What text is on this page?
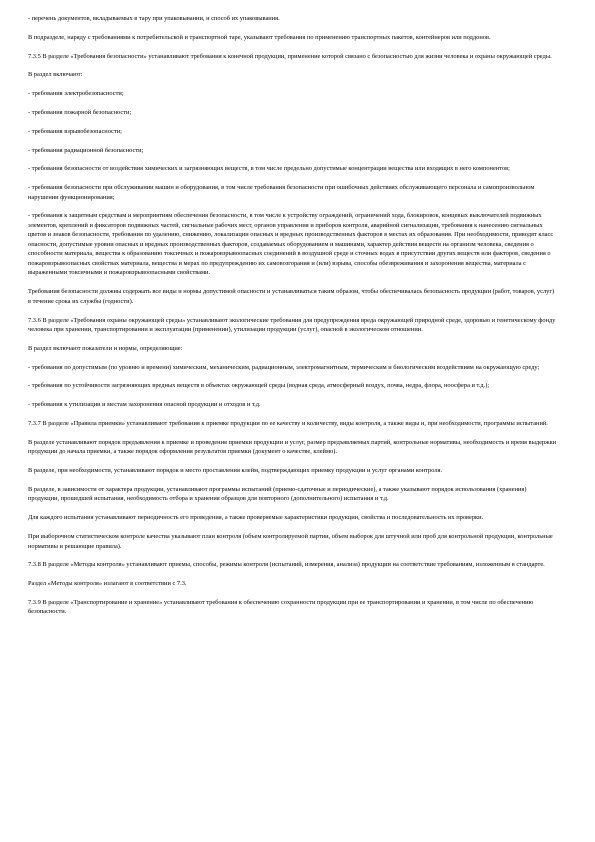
- перечень документов, вкладываемых в тару при упаковывании, и способ их упаковывания.

В подразделе, наряду с требованиями к потребительской и транспортной таре, указывают требования по применению транспортных пакетов, контейнеров или поддонов.

7.3.5 В разделе «Требования безопасности» устанавливают требования к конечной продукции, применение которой связано с безопасностью для жизни человека и охраны окружающей среды.

В раздел включают:

- требования электробезопасности;

- требования пожарной безопасности;

- требования взрывобезопасности;

- требования радиационной безопасности;

- требования безопасности от воздействия химических и загрязняющих веществ, в том числе предельно допустимые концентрации вещества или входящих в него компонентов;

- требования безопасности при обслуживании машин и оборудования, в том числе требования безопасности при ошибочных действиях обслуживающего персонала и самопроизвольном нарушении функционирования;

- требования к защитным средствам и мероприятиям обеспечения безопасности, в том числе к устройству ограждений, ограничений хода, блокировок, концевых выключателей подвижных элементов, креплений и фиксаторов подвижных частей, сигнальные рабочих мест, органов управления и приборов контроля, аварийной сигнализации, требования к нанесению сигнальных цветов и знаков безопасности, требования по удалению, снижению, локализации опасных и вредных производственных факторов в местах их образования. При необходимости, приводят класс опасности, допустимые уровни опасных и вредных производственных факторов, создаваемых оборудованием и машинами, характер действия веществ на организм человека, сведения о способности материала, вещества к образованию токсичных и пожаровзрывоопасных соединений в воздушной среде и сточных водах в присутствии других веществ или факторов, сведения о пожаровзрывоопасных свойствах материала, вещества и мерах по предупреждению их самовозгорания и (или) взрыва, способы обезвреживания и захоронения вещества, материала с выраженными токсичными и пожаровзрывоопасными свойствами.

Требования безопасности должны содержать все виды и нормы допустимой опасности и устанавливаться таким образом, чтобы обеспечивалась безопасность продукции (работ, товаров, услуг) в течение срока их службы (годности).

7.3.6 В разделе «Требования охраны окружающей среды» устанавливают экологические требования для предупреждения вреда окружающей природной среде, здоровью и генетическому фонду человека при хранении, транспортировании и эксплуатации (применении), утилизации продукции (услуг), опасной в экологическом отношении.

В раздел включают показатели и нормы, определяющие:

- требования по допустимым (по уровню и времени) химическим, механическим, радиационным, электромагнитным, термическим и биологическим воздействиям на окружающую среду;

- требования по устойчивости загрязняющих вредных веществ в объектах окружающей среды (водная среда, атмосферный воздух, почва, недра, флора, ноосфера и т.д.);

- требования к утилизации и местам захоронения опасной продукции и отходов и т.д.

7.3.7 В разделе «Правила приемки» устанавливают требования к приемке продукции по ее качеству и количеству, виды контроля, а также виды и, при необходимости, программы испытаний.

В разделе устанавливают порядок предъявления к приемке и проведения приемки продукции и услуг, размер предъявляемых партий, контрольные нормативы, необходимость и время выдержки продукции до начала приемки, а также порядок оформления результатов приемки (документ о качестве, клеймо).

В разделе, при необходимости, устанавливают порядок и место проставления клейм, подтверждающих приемку продукции и услуг органами контроля.

В разделе, в зависимости от характера продукции, устанавливают программы испытаний (приемо-сдаточные и периодические), а также указывают порядок использования (хранения) продукции, прошедшей испытания, необходимость отбора и хранения образцов для повторного (дополнительного) испытания и т.д.

Для каждого испытания устанавливают периодичность его проведения, а также проверяемые характеристики продукции, свойства и последовательность их проверки.

При выборочном статистическом контроле качества указывают план контроля (объем контролируемой партии, объем выборок для штучной или проб для контрольной продукции, контрольные нормативы и решающие правила).

7.3.8 В разделе «Методы контроля» устанавливают приемы, способы, режимы контроля (испытаний, измерения, анализа) продукции на соответствие требованиям, изложенным в стандарте.

Раздел «Методы контроля» излагают в соответствии с 7.3.

7.3.9 В разделе «Транспортирование и хранение» устанавливают требования к обеспечению сохранности продукции при ее транспортировании и хранении, в том числе по обеспечению безопасности.
